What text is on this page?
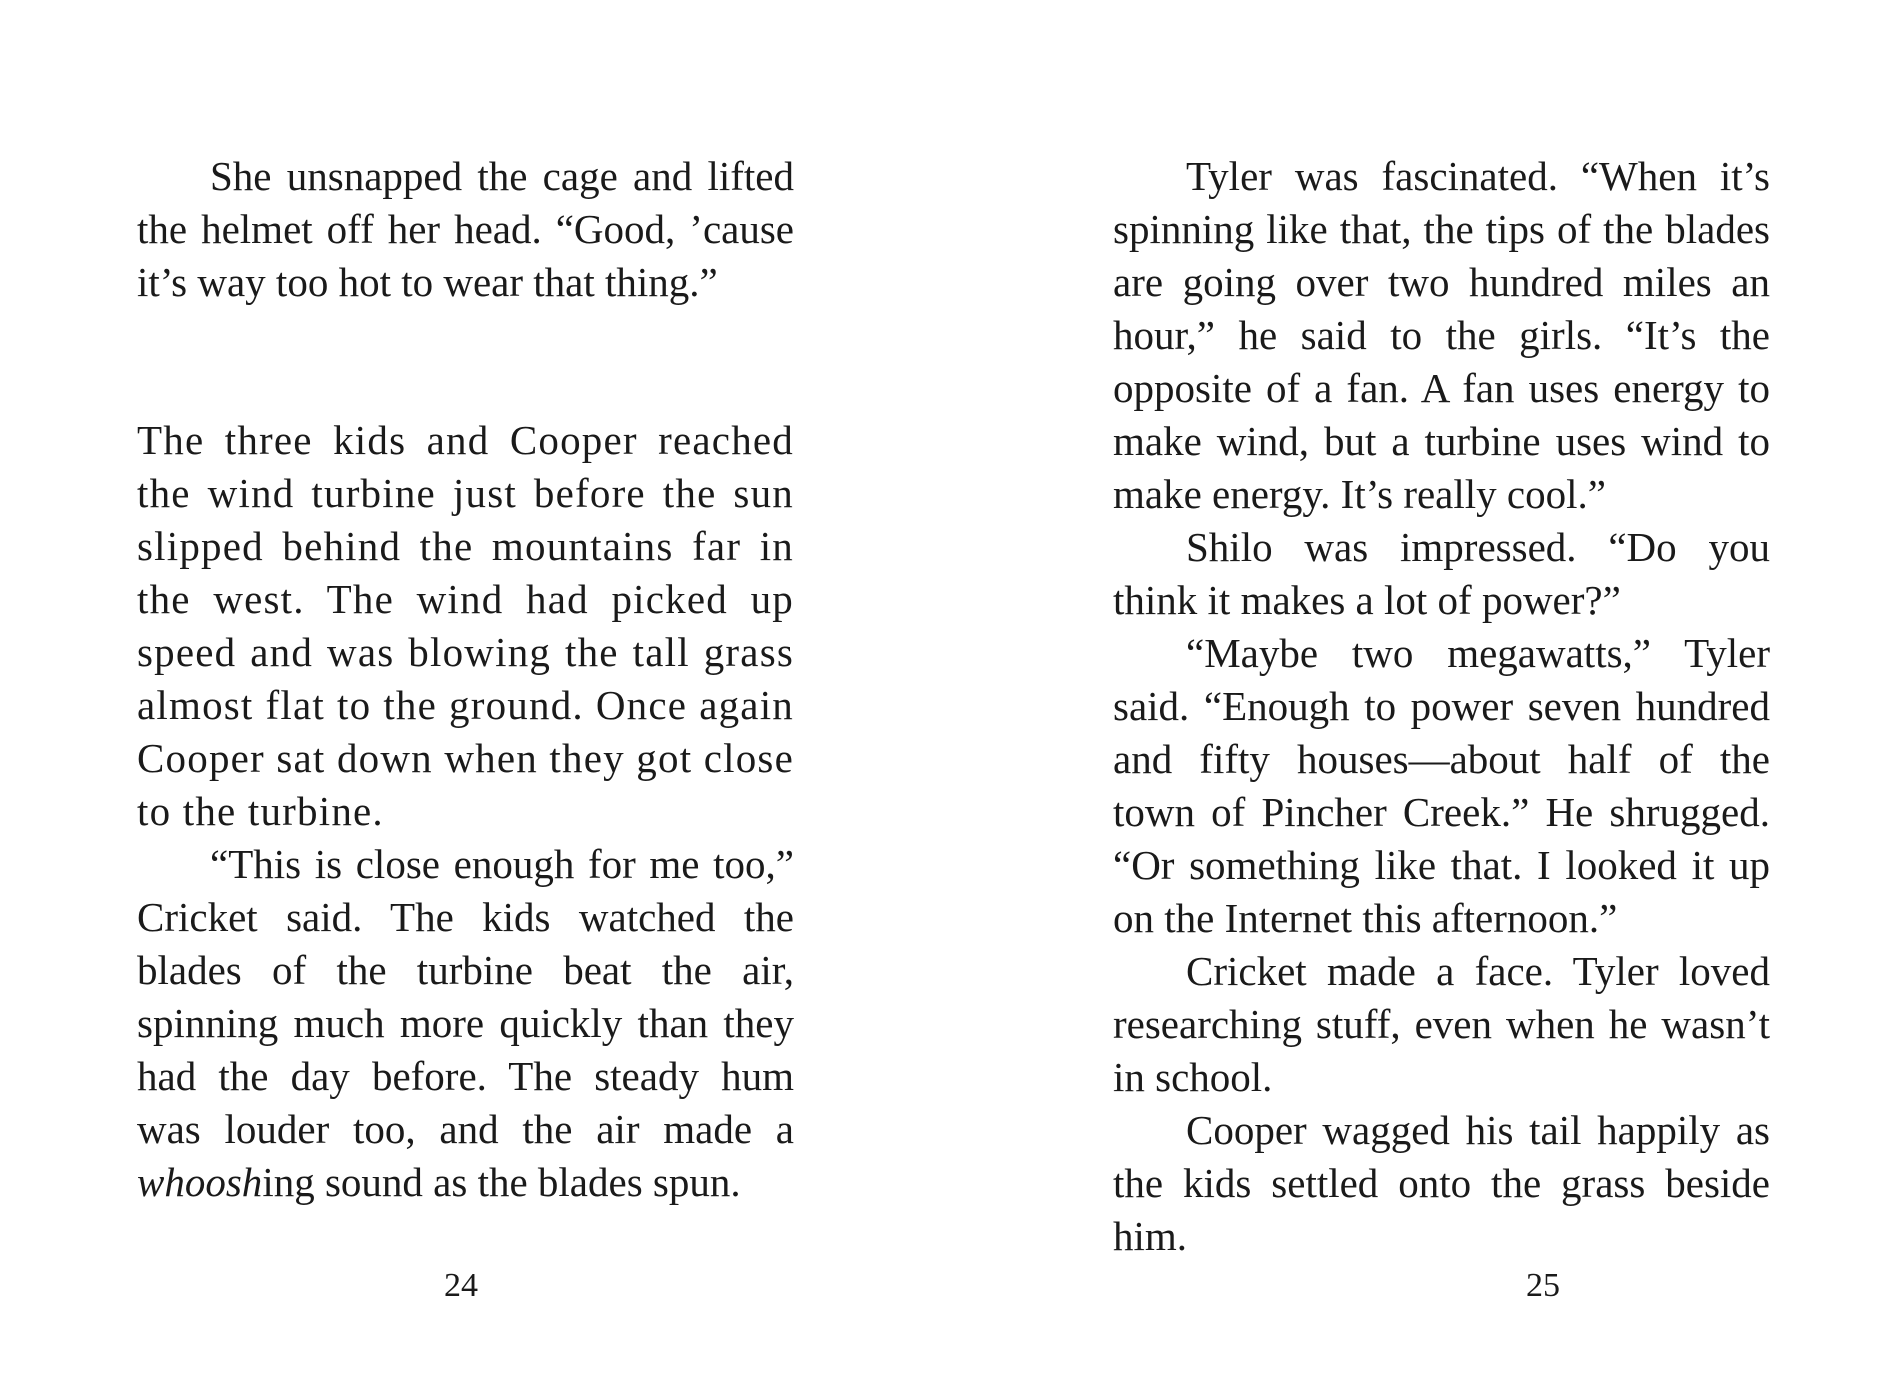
She unsnapped the cage and lifted the helmet off her head. “Good, ’cause it’s way too hot to wear that thing.”

The three kids and Cooper reached the wind turbine just before the sun slipped behind the mountains far in the west. The wind had picked up speed and was blowing the tall grass almost flat to the ground. Once again Cooper sat down when they got close to the turbine.

“This is close enough for me too,” Cricket said. The kids watched the blades of the turbine beat the air, spinning much more quickly than they had the day before. The steady hum was louder too, and the air made a whooshing sound as the blades spun.

24

Tyler was fascinated. “When it’s spinning like that, the tips of the blades are going over two hundred miles an hour,” he said to the girls. “It’s the opposite of a fan. A fan uses energy to make wind, but a turbine uses wind to make energy. It’s really cool.”

Shilo was impressed. “Do you think it makes a lot of power?”

“Maybe two megawatts,” Tyler said. “Enough to power seven hundred and fifty houses—about half of the town of Pincher Creek.” He shrugged. “Or something like that. I looked it up on the Internet this afternoon.”

Cricket made a face. Tyler loved researching stuff, even when he wasn’t in school.

Cooper wagged his tail happily as the kids settled onto the grass beside him.

25
